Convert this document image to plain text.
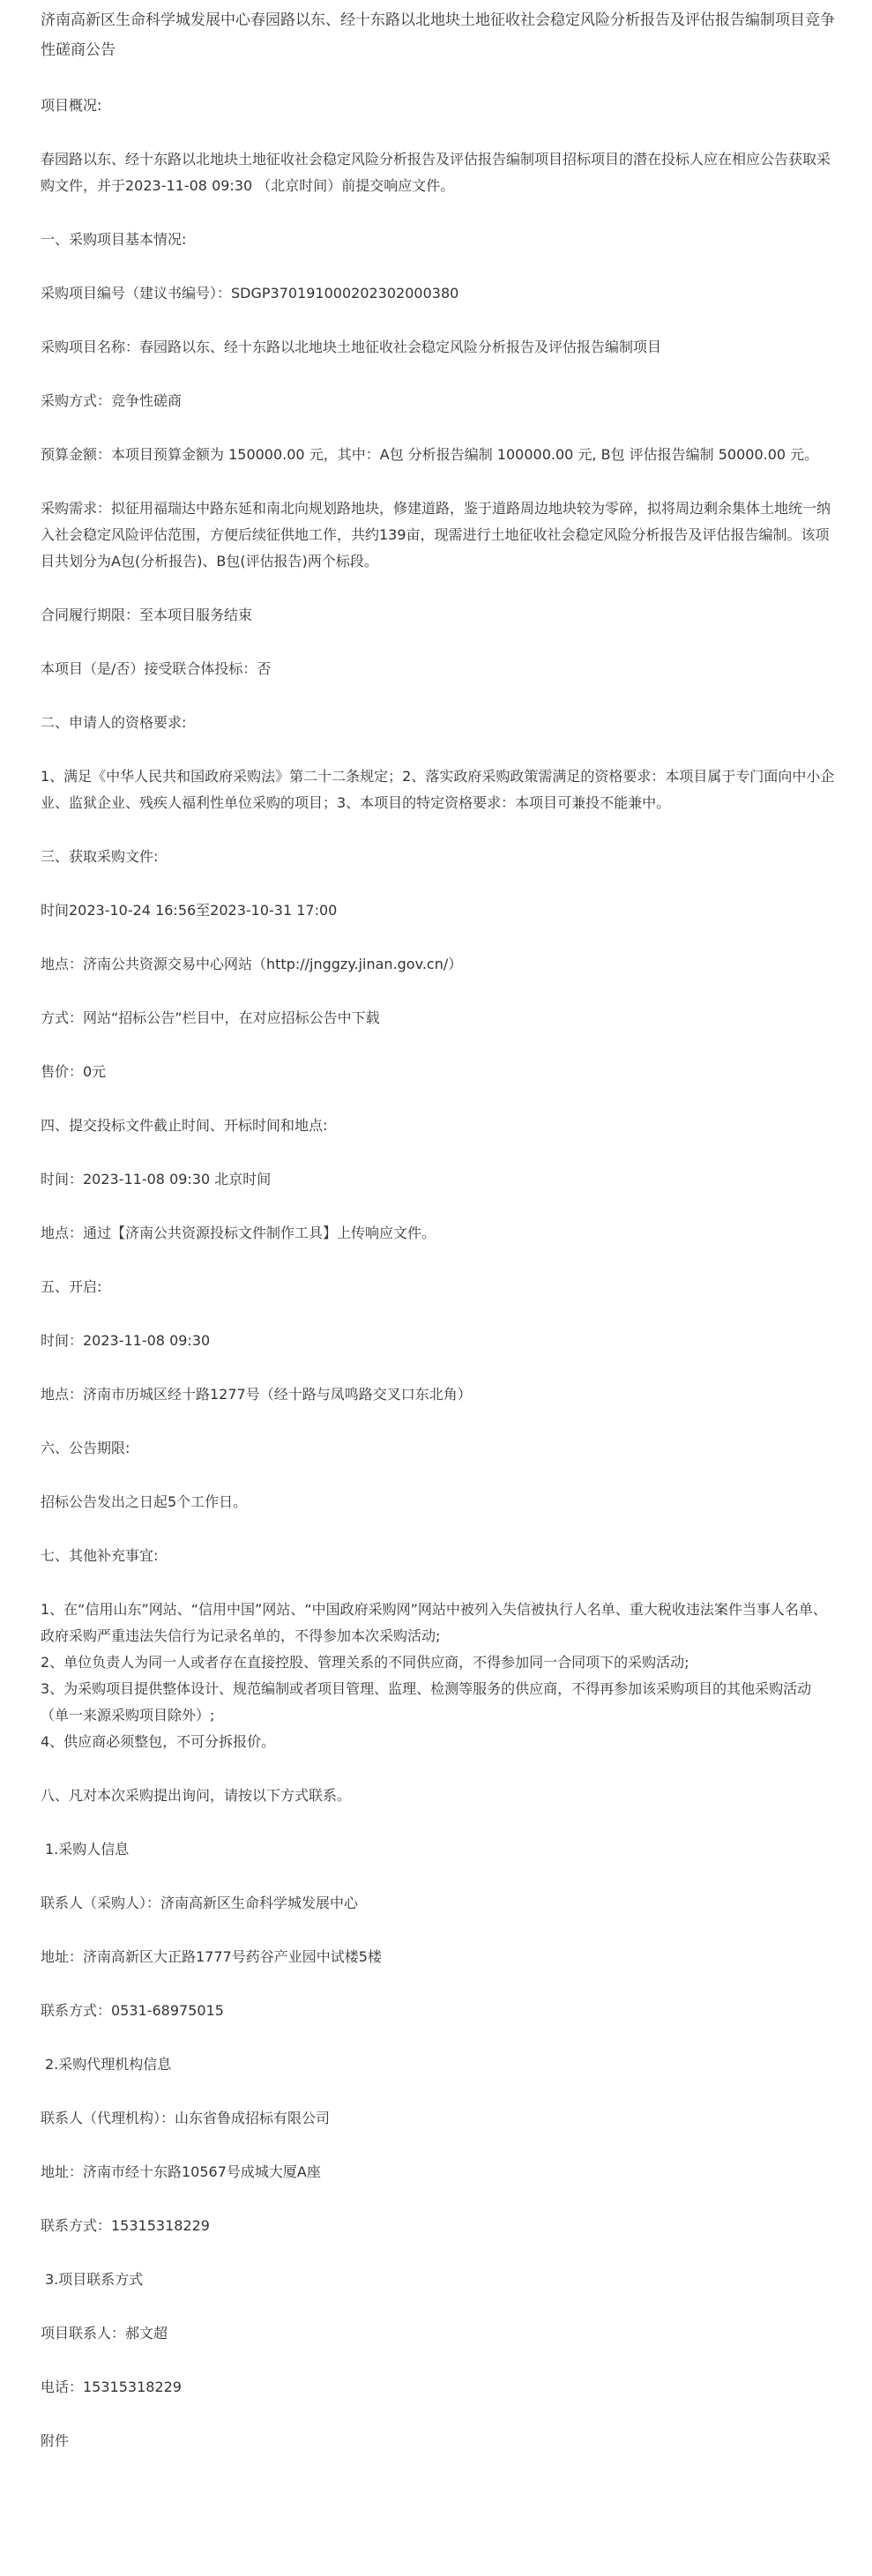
济南高新区生命科学城发展中心春园路以东、经十东路以北地块土地征收社会稳定风险分析报告及评估报告编制项目竞争性磋商公告

项目概况:

春园路以东、经十东路以北地块土地征收社会稳定风险分析报告及评估报告编制项目招标项目的潜在投标人应在相应公告获取采购文件，并于2023-11-08 09:30 （北京时间）前提交响应文件。

一、采购项目基本情况:

采购项目编号（建议书编号）：SDGP370191000202302000380

采购项目名称：春园路以东、经十东路以北地块土地征收社会稳定风险分析报告及评估报告编制项目

采购方式：竞争性磋商

预算金额：本项目预算金额为 150000.00 元，其中：A包 分析报告编制 100000.00 元, B包 评估报告编制 50000.00 元。

采购需求：拟征用福瑞达中路东延和南北向规划路地块，修建道路，鉴于道路周边地块较为零碎，拟将周边剩余集体土地统一纳入社会稳定风险评估范围，方便后续征供地工作，共约139亩，现需进行土地征收社会稳定风险分析报告及评估报告编制。该项目共划分为A包(分析报告)、B包(评估报告)两个标段。

合同履行期限：至本项目服务结束

本项目（是/否）接受联合体投标：否

二、申请人的资格要求:

1、满足《中华人民共和国政府采购法》第二十二条规定；2、落实政府采购政策需满足的资格要求：本项目属于专门面向中小企业、监狱企业、残疾人福利性单位采购的项目；3、本项目的特定资格要求：本项目可兼投不能兼中。

三、获取采购文件:

时间2023-10-24 16:56至2023-10-31 17:00

地点：济南公共资源交易中心网站（http://jnggzy.jinan.gov.cn/）

方式：网站“招标公告”栏目中，在对应招标公告中下载

售价：0元

四、提交投标文件截止时间、开标时间和地点:

时间：2023-11-08 09:30 北京时间

地点：通过【济南公共资源投标文件制作工具】上传响应文件。

五、开启:

时间：2023-11-08 09:30

地点：济南市历城区经十路1277号（经十路与凤鸣路交叉口东北角）

六、公告期限:

招标公告发出之日起5个工作日。

七、其他补充事宜:

1、在“信用山东”网站、“信用中国”网站、“中国政府采购网”网站中被列入失信被执行人名单、重大税收违法案件当事人名单、政府采购严重违法失信行为记录名单的，不得参加本次采购活动;

2、单位负责人为同一人或者存在直接控股、管理关系的不同供应商，不得参加同一合同项下的采购活动;

3、为采购项目提供整体设计、规范编制或者项目管理、监理、检测等服务的供应商，不得再参加该采购项目的其他采购活动（单一来源采购项目除外）;

4、供应商必须整包，不可分拆报价。

八、凡对本次采购提出询问，请按以下方式联系。

1.采购人信息

联系人（采购人）：济南高新区生命科学城发展中心

地址：济南高新区大正路1777号药谷产业园中试楼5楼

联系方式：0531-68975015

2.采购代理机构信息

联系人（代理机构）：山东省鲁成招标有限公司

地址：济南市经十东路10567号成城大厦A座

联系方式：15315318229

3.项目联系方式

项目联系人：郝文超

电话：15315318229

附件
